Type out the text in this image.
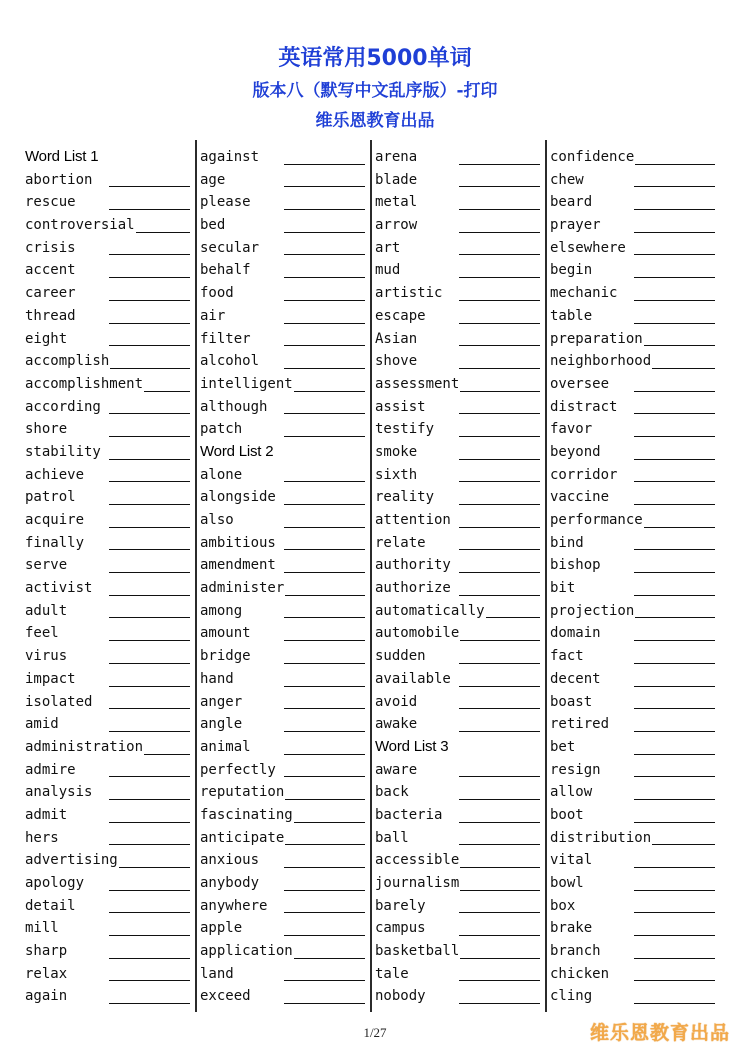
英语常用5000单词
版本八（默写中文乱序版）-打印
维乐恩教育出品
Word List 1
abortion
rescue
controversial
crisis
accent
career
thread
eight
accomplish
accomplishment
according
shore
stability
achieve
patrol
acquire
finally
serve
activist
adult
feel
virus
impact
isolated
amid
administration
admire
analysis
admit
hers
advertising
apology
detail
mill
sharp
relax
again
against
age
please
bed
secular
behalf
food
air
filter
alcohol
intelligent
although
patch
Word List 2
alone
alongside
also
ambitious
amendment
administer
among
amount
bridge
hand
anger
angle
animal
perfectly
reputation
fascinating
anticipate
anxious
anybody
anywhere
apple
application
land
exceed
arena
blade
metal
arrow
art
mud
artistic
escape
Asian
shove
assessment
assist
testify
smoke
sixth
reality
attention
relate
authority
authorize
automatically
automobile
sudden
available
avoid
awake
Word List 3
aware
back
bacteria
ball
accessible
journalism
barely
campus
basketball
tale
nobody
confidence
chew
beard
prayer
elsewhere
begin
mechanic
table
preparation
neighborhood
oversee
distract
favor
beyond
corridor
vaccine
performance
bind
bishop
bit
projection
domain
fact
decent
boast
retired
bet
resign
allow
boot
distribution
vital
bowl
box
brake
branch
chicken
cling
1/27	维乐恩教育出品
